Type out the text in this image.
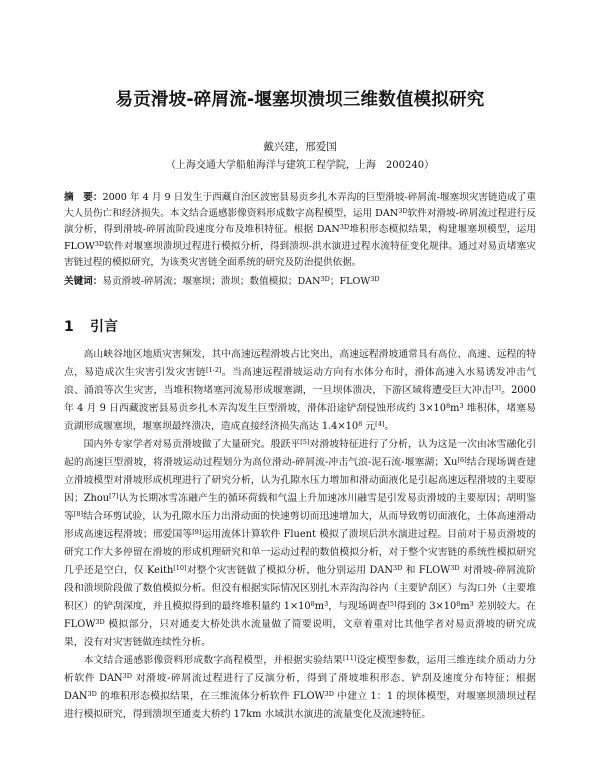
易贡滑坡-碎屑流-堰塞坝溃坝三维数值模拟研究
戴兴建，邢爱国
（上海交通大学船舶海洋与建筑工程学院，上海　200240）
摘　要：2000 年 4 月 9 日发生于西藏自治区波密县易贡乡扎木弄沟的巨型滑坡-碎屑流-堰塞坝灾害链造成了重大人员伤亡和经济损失。本文结合遥感影像资料形成数字高程模型，运用 $DAN^{3D}$软件对滑坡-碎屑流过程进行反演分析，得到滑坡-碎屑流阶段速度分布及堆积特征。根据 $DAN^{3D}$堆积形态模拟结果，构建堰塞坝模型，运用 $FLOW^{3D}$软件对堰塞坝溃坝过程进行模拟分析，得到溃坝-洪水演进过程水流特征变化规律。通过对易贡堵塞灾害链过程的模拟研究，为该类灾害链全面系统的研究及防治提供依据。
关键词：易贡滑坡-碎屑流；堰塞坝；溃坝；数值模拟；$DAN^{3D}$；$FLOW^{3D}$
1 引言

高山峡谷地区地质灾害频发，其中高速远程滑坡占比突出，高速远程滑坡通常具有高位、高速、远程的特点，易造成次生灾害引发灾害链[1-2]。当高速远程滑坡运动方向有水体分布时，滑体高速入水易诱发冲击气浪、涌浪等次生灾害，当堆积物堵塞河流易形成堰塞湖，一旦坝体溃决，下游区域将遭受巨大冲击[3]。2000 年 4 月 9 日西藏波密县易贡乡扎木弄沟发生巨型滑坡，滑体沿途铲刮侵蚀形成约 $3\times 10^8m^3$ 堆积体，堵塞易贡湖形成堰塞坝，堰塞坝最终溃决，造成直接经济损失高达 $1.4\times 10^8$ 元[4]。

国内外专家学者对易贡滑坡做了大量研究。殷跃平[5]对滑坡特征进行了分析，认为这是一次由冰雪融化引起的高速巨型滑坡，将滑坡运动过程划分为高位滑动-碎屑流-冲击气浪-泥石流-堰塞湖；Xu[6]结合现场调查建立滑坡模型对滑坡形成机理进行了研究分析，认为孔隙水压力增加和滑动面液化是引起高速远程滑坡的主要原因；Zhou[7]认为长期冰雪冻融产生的循环荷载和气温上升加速冰川融雪是引发易贡滑坡的主要原因；胡明鉴等[8]结合环剪试验，认为孔隙水压力出滑动面的快速剪切而迅速增加大，从而导致剪切面液化，土体高速滑动形成高速远程滑坡；邢爱国等[9]运用流体计算软件 Fluent 模拟了溃坝后洪水演进过程。目前对于易贡滑坡的研究工作大多停留在滑坡的形成机理研究和单一运动过程的数值模拟分析，对于整个灾害链的系统性模拟研究几乎还是空白，仅 Keith[10]对整个灾害链做了模拟分析，他分别运用 $DAN^{3D}$ 和 $FLOW^{3D}$ 对滑坡-碎屑流阶段和溃坝阶段做了数值模拟分析。但没有根据实际情况区别扎木弄沟沟谷内（主要铲刮区）与沟口外（主要堆积区）的铲刮深度，并且模拟得到的最终堆积量约 $1\times 10^8m^3$，与现场调查[5]得到的 $3\times 10^8m^3$ 差别较大。在 $FLOW^{3D}$ 模拟部分，只对通麦大桥处洪水流量做了简要说明，文章着重对比其他学者对易贡滑坡的研究成果，没有对灾害链做连续性分析。

本文结合遥感影像资料形成数字高程模型，并根据实验结果[11]设定模型参数，运用三维连续介质动力分析软件 $DAN^{3D}$ 对滑坡-碎屑流过程进行了反演分析，得到了滑坡堆积形态、铲刮及速度分布特征；根据 $DAN^{3D}$ 的堆积形态模拟结果，在三维流体分析软件 $FLOW^{3D}$ 中建立 1：1 的坝体模型，对堰塞坝溃坝过程进行模拟研究，得到溃坝至通麦大桥约 17km 水域洪水演进的流量变化及流速特征。
